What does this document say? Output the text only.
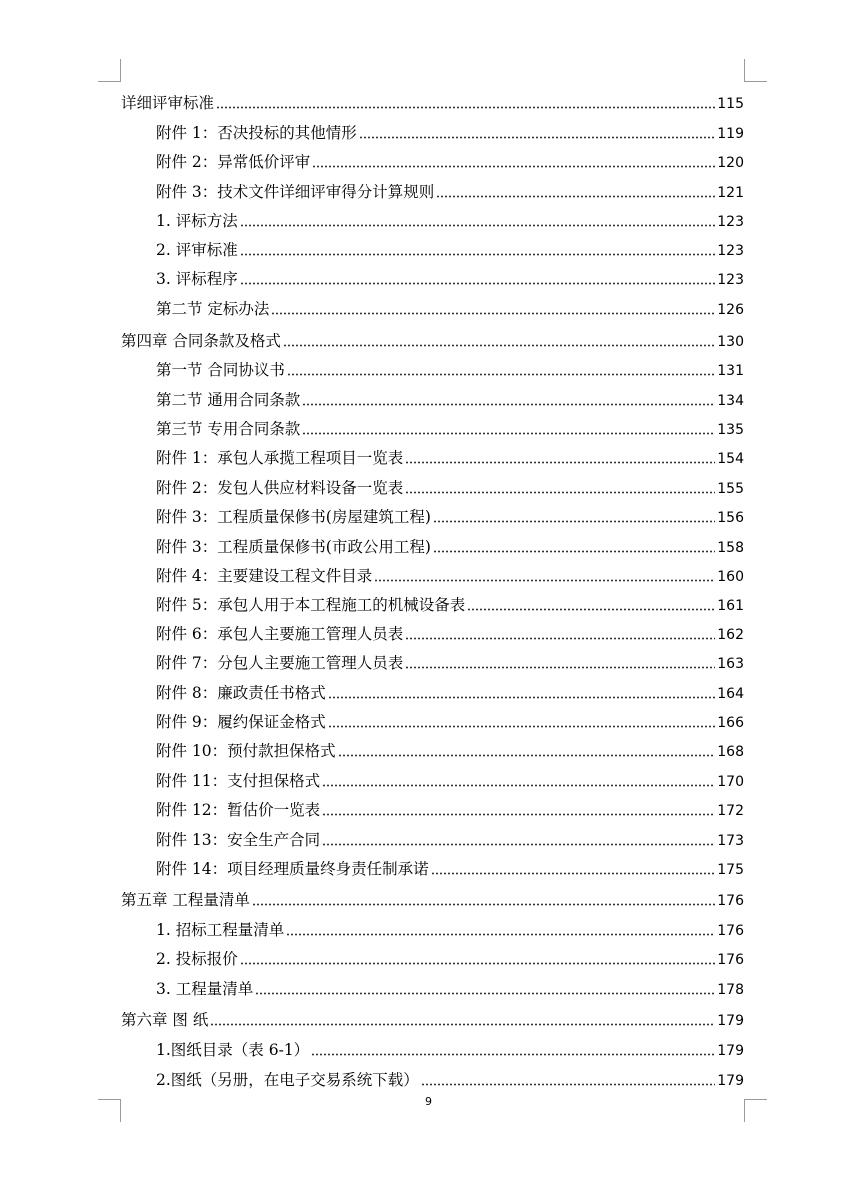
详细评审标准	115
附件 1：否决投标的其他情形	119
附件 2：异常低价评审	120
附件 3：技术文件详细评审得分计算规则	121
1. 评标方法	123
2. 评审标准	123
3. 评标程序	123
第二节 定标办法	126
第四章 合同条款及格式	130
第一节 合同协议书	131
第二节 通用合同条款	134
第三节 专用合同条款	135
附件 1：承包人承揽工程项目一览表	154
附件 2：发包人供应材料设备一览表	155
附件 3：工程质量保修书(房屋建筑工程)	156
附件 3：工程质量保修书(市政公用工程)	158
附件 4：主要建设工程文件目录	160
附件 5：承包人用于本工程施工的机械设备表	161
附件 6：承包人主要施工管理人员表	162
附件 7：分包人主要施工管理人员表	163
附件 8：廉政责任书格式	164
附件 9：履约保证金格式	166
附件 10：预付款担保格式	168
附件 11：支付担保格式	170
附件 12：暂估价一览表	172
附件 13：安全生产合同	173
附件 14：项目经理质量终身责任制承诺	175
第五章 工程量清单	176
1. 招标工程量清单	176
2. 投标报价	176
3. 工程量清单	178
第六章 图 纸	179
1.图纸目录（表 6-1）	179
2.图纸（另册，在电子交易系统下载）	179
9
